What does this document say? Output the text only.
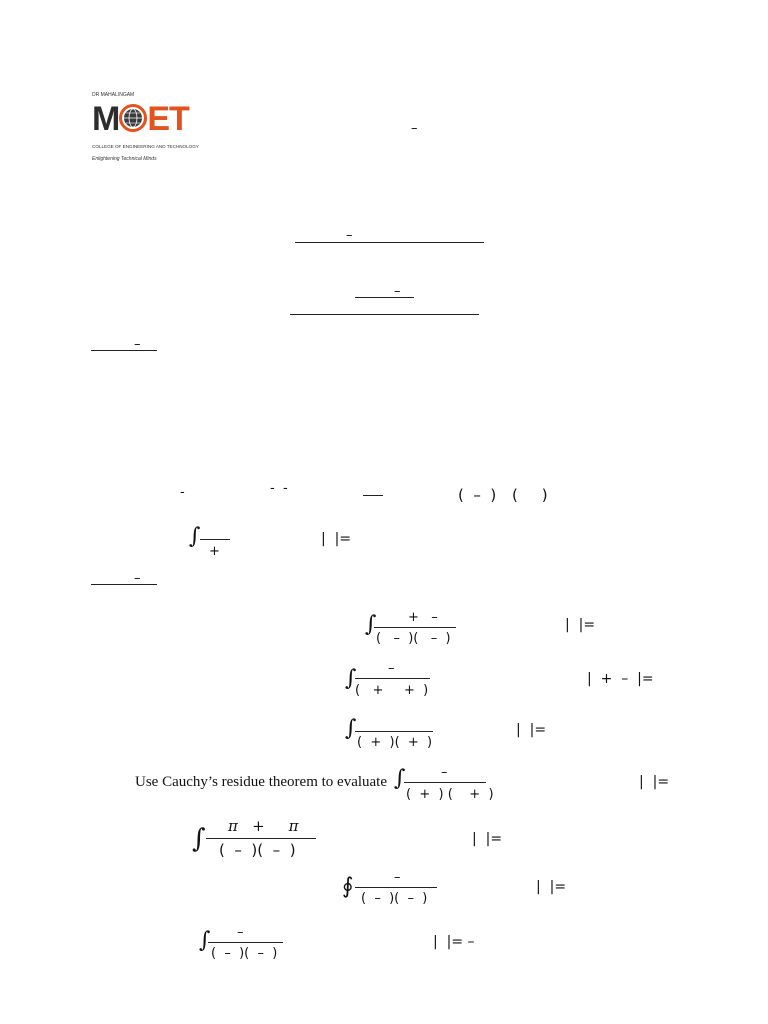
DR MAHALINGAM
M ET
COLLEGE OF ENGINEERING AND TECHNOLOGY
Enlightening Technical Minds
–
–
–
–
-	-  -	(  –  ) (     )
∫
+
|  |=
–
∫ +   –
(   –  )(   –  )
|  |=
∫ –
(   +     +  )
|  +  –  |=
∫
(  +  )(  +  )
|  |=
Use Cauchy’s residue theorem to evaluate ∫	–
(  +  ) (    +  )
|  |=
∫ π   +     π
(  –  )(  –  )
|  |=
∮	–
(  –  )(  –  )
|  |=
∫ –
(  –  )(  –  )
|  |= –
